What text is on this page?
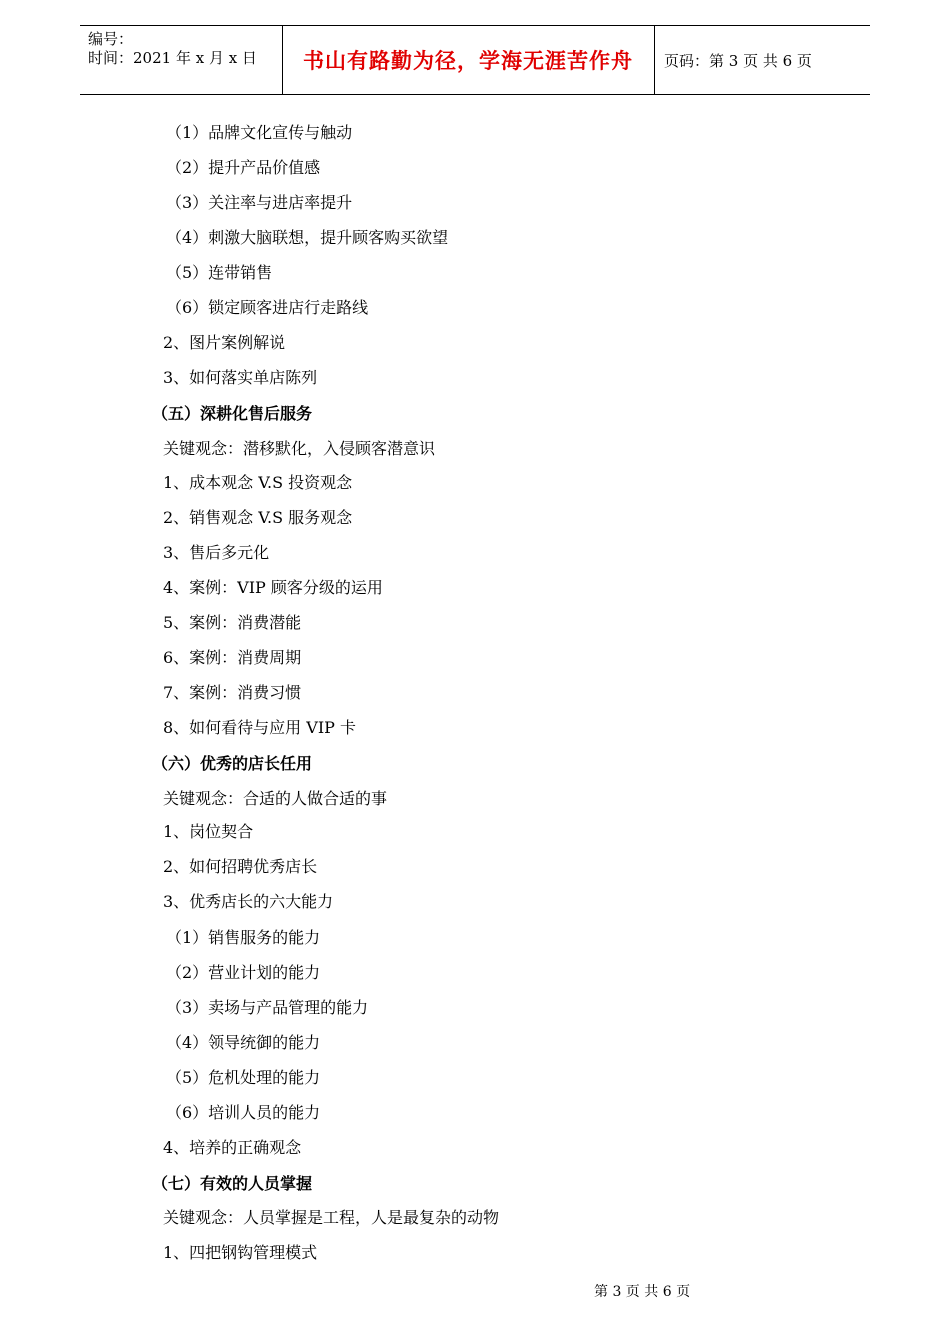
编号：
时间：2021 年 x 月 x 日 书山有路勤为径，学海无涯苦作舟 页码：第 3 页 共 6 页
（1）品牌文化宣传与触动
（2）提升产品价值感
（3）关注率与进店率提升
（4）刺激大脑联想，提升顾客购买欲望
（5）连带销售
（6）锁定顾客进店行走路线
2、图片案例解说
3、如何落实单店陈列
（五）深耕化售后服务
关键观念：潜移默化，入侵顾客潜意识
1、成本观念 V.S 投资观念
2、销售观念 V.S 服务观念
3、售后多元化
4、案例：VIP 顾客分级的运用
5、案例：消费潜能
6、案例：消费周期
7、案例：消费习惯
8、如何看待与应用 VIP 卡
（六）优秀的店长任用
关键观念：合适的人做合适的事
1、岗位契合
2、如何招聘优秀店长
3、优秀店长的六大能力
（1）销售服务的能力
（2）营业计划的能力
（3）卖场与产品管理的能力
（4）领导统御的能力
（5）危机处理的能力
（6）培训人员的能力
4、培养的正确观念
（七）有效的人员掌握
关键观念：人员掌握是工程，人是最复杂的动物
1、四把钢钩管理模式
第 3 页 共 6 页
